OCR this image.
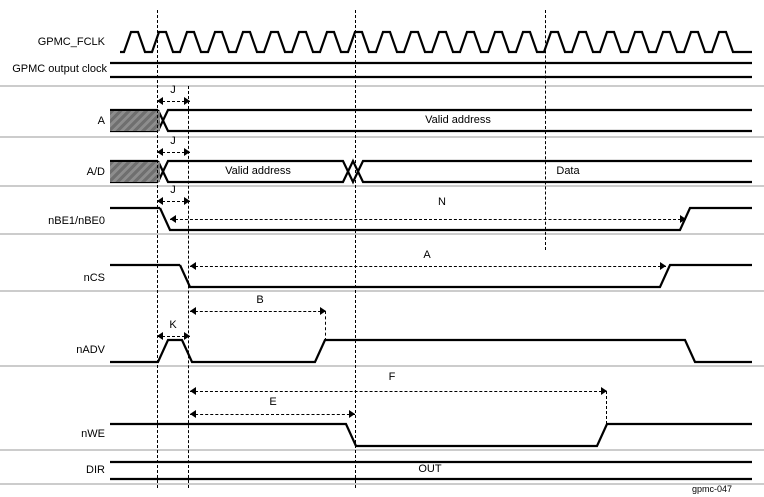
GPMC_FCLK
GPMC output clock
A
A/D
nBE1/nBE0
nCS
nADV
nWE
DIR
Valid address
Valid address	Data
OUT
J
J
J
N
A
B
K
F
E
gpmc-047
